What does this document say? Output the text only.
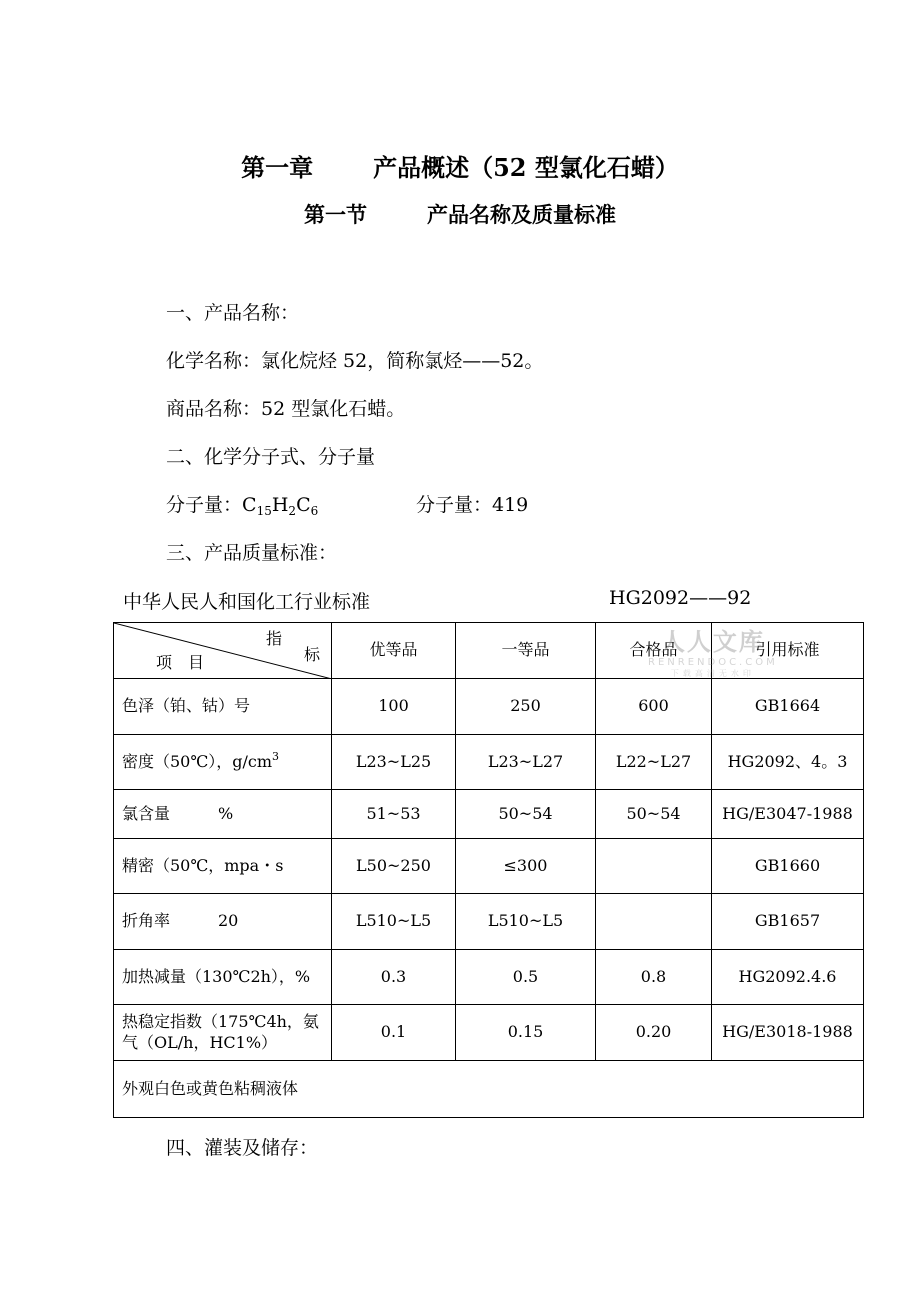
第一章	产品概述（52 型氯化石蜡）
第一节	产品名称及质量标准
一、产品名称：
化学名称：氯化烷烃 52，简称氯烃——52。
商品名称：52 型氯化石蜡。
二、化学分子式、分子量
分子量：$C_{15}H_2C_6$	分子量：419
三、产品质量标准：
中华人民人和国化工行业标准	HG2092——92
指
标
项　目	优等品	一等品	合格品	引用标准
色泽（铂、钴）号	100	250	600	GB1664
密度（50℃），$g/cm^3$	L23~L25	L23~L27	L22~L27	HG2092、4。3
氯含量　　　%	51~53	50~54	50~54	HG/E3047-1988
精密（50℃，mpa・s	L50~250	≤300		GB1660
折角率　　　20	L510~L5	L510~L5		GB1657
加热减量（130℃2h），%	0.3	0.5	0.8	HG2092.4.6
热稳定指数（175℃4h，氨气（OL/h，HC1%）	0.1	0.15	0.20	HG/E3018-1988
外观白色或黄色粘稠液体				
人人文库
RENRENDOC.COM
下载高清无水印
四、灌装及储存：
